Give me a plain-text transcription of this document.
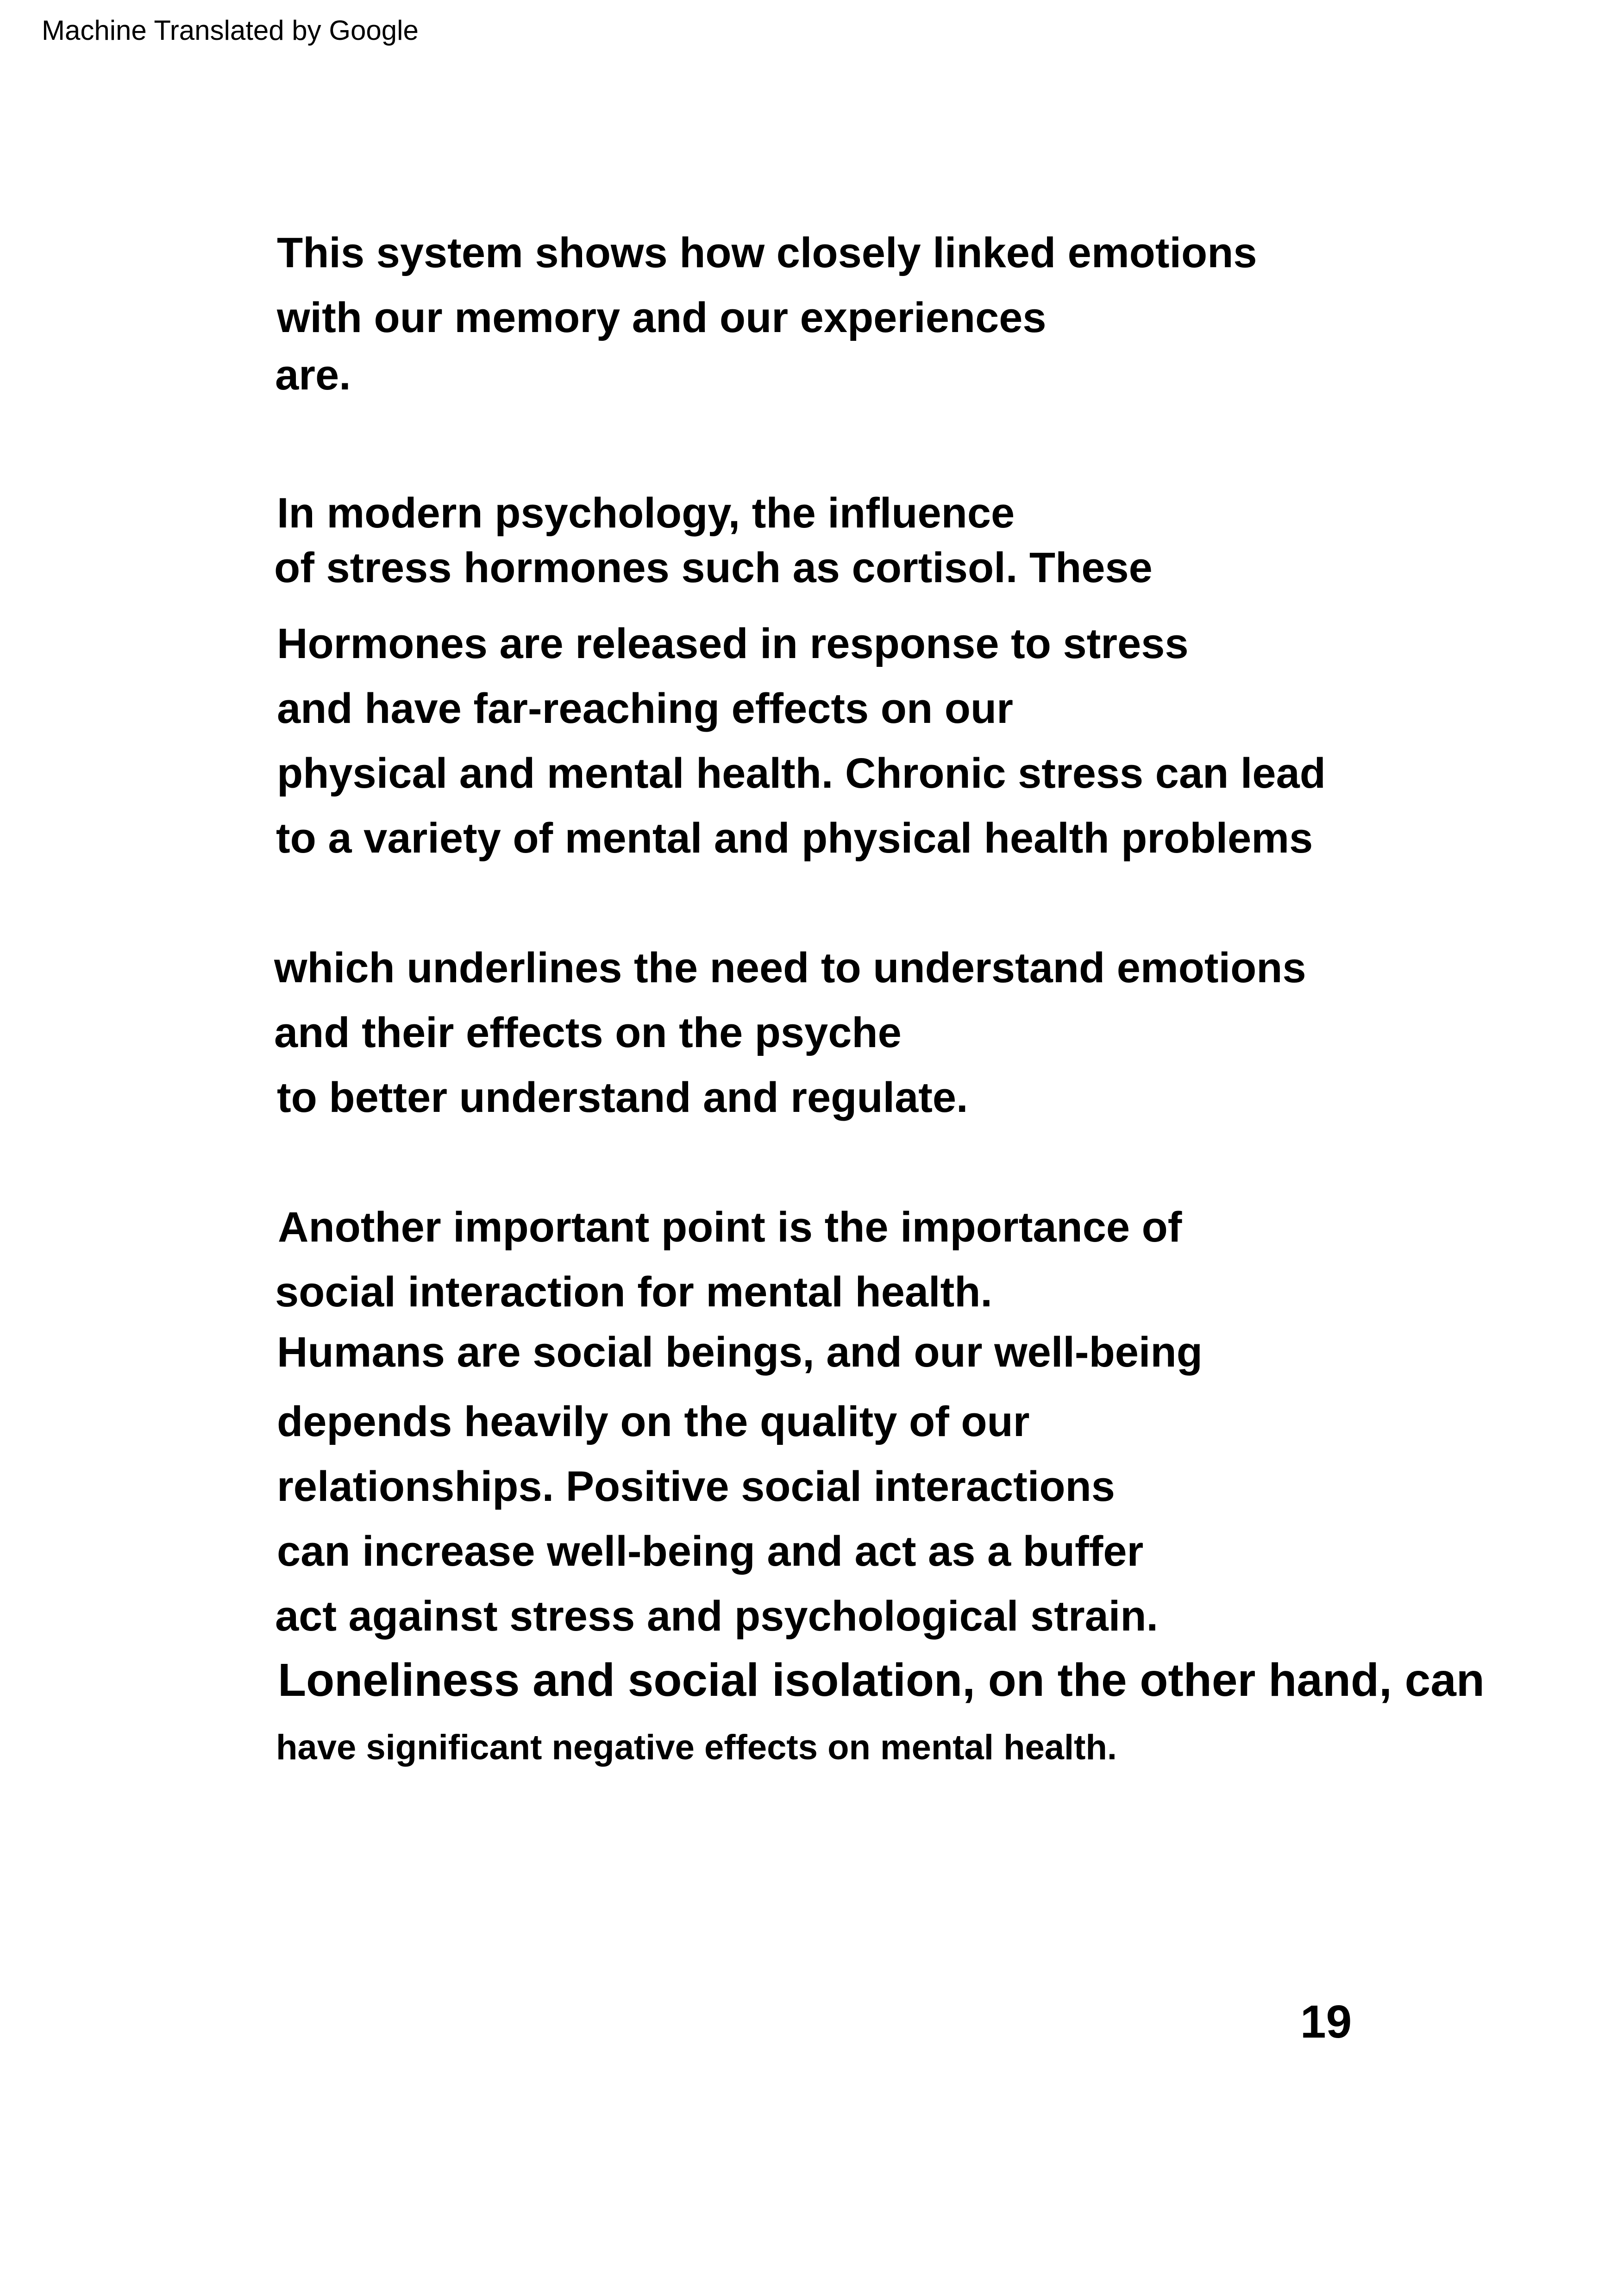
Machine Translated by Google
This system shows how closely linked emotions
with our memory and our experiences
are.
In modern psychology, the influence
of stress hormones such as cortisol. These
Hormones are released in response to stress
and have far-reaching effects on our
physical and mental health. Chronic stress can lead
to a variety of mental and physical health problems
which underlines the need to understand emotions
and their effects on the psyche
to better understand and regulate.
Another important point is the importance of
social interaction for mental health.
Humans are social beings, and our well-being
depends heavily on the quality of our
relationships. Positive social interactions
can increase well-being and act as a buffer
act against stress and psychological strain.
Loneliness and social isolation, on the other hand, can
have significant negative effects on mental health.
19
